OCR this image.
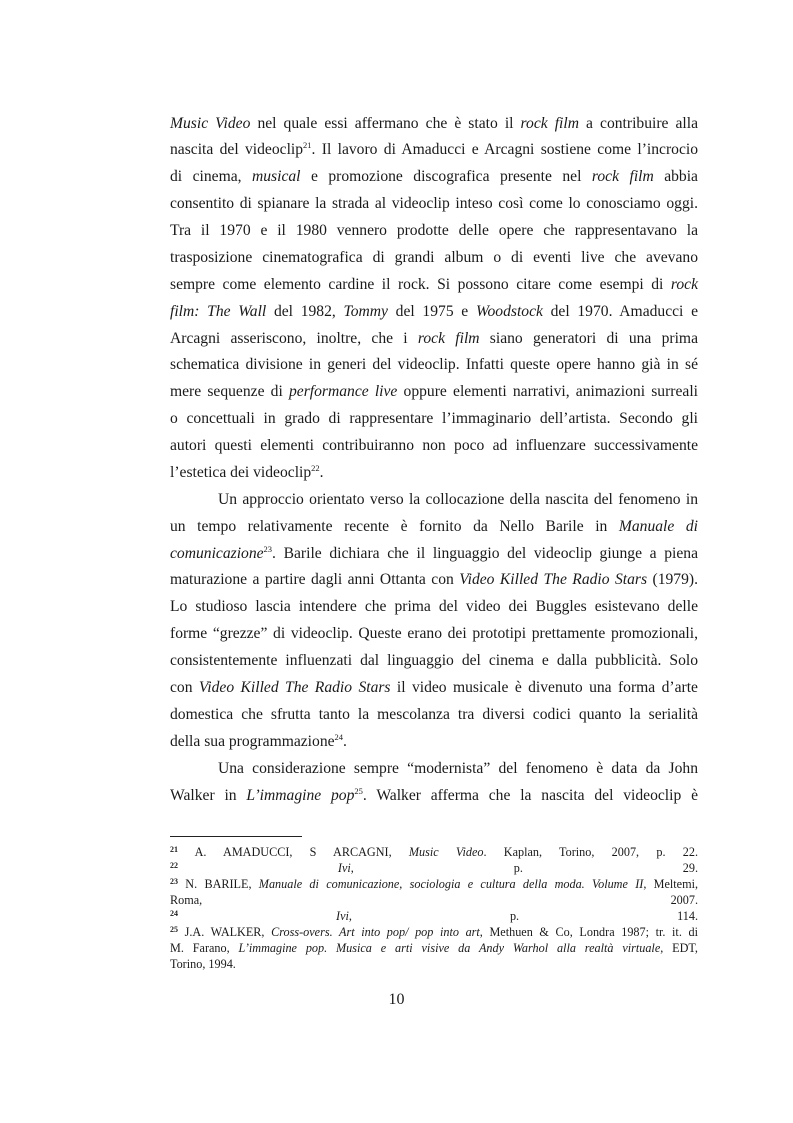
Music Video nel quale essi affermano che è stato il rock film a contribuire alla

nascita del videoclip$^{21}$. Il lavoro di Amaducci e Arcagni sostiene come l’incrocio

di cinema, musical e promozione discografica presente nel rock film abbia

consentito di spianare la strada al videoclip inteso così come lo conosciamo oggi.

Tra il 1970 e il 1980 vennero prodotte delle opere che rappresentavano la

trasposizione cinematografica di grandi album o di eventi live che avevano

sempre come elemento cardine il rock. Si possono citare come esempi di rock

film: The Wall del 1982, Tommy del 1975 e Woodstock del 1970. Amaducci e

Arcagni asseriscono, inoltre, che i rock film siano generatori di una prima

schematica divisione in generi del videoclip. Infatti queste opere hanno già in sé

mere sequenze di performance live oppure elementi narrativi, animazioni surreali

o concettuali in grado di rappresentare l’immaginario dell’artista. Secondo gli

autori questi elementi contribuiranno non poco ad influenzare successivamente

l’estetica dei videoclip$^{22}$.

Un approccio orientato verso la collocazione della nascita del fenomeno in

un tempo relativamente recente è fornito da Nello Barile in Manuale di

comunicazione$^{23}$. Barile dichiara che il linguaggio del videoclip giunge a piena

maturazione a partire dagli anni Ottanta con Video Killed The Radio Stars (1979).

Lo studioso lascia intendere che prima del video dei Buggles esistevano delle

forme “grezze” di videoclip. Queste erano dei prototipi prettamente promozionali,

consistentemente influenzati dal linguaggio del cinema e dalla pubblicità. Solo

con Video Killed The Radio Stars il video musicale è divenuto una forma d’arte

domestica che sfrutta tanto la mescolanza tra diversi codici quanto la serialità

della sua programmazione$^{24}$.

Una considerazione sempre “modernista” del fenomeno è data da John

Walker in L’immagine pop$^{25}$. Walker afferma che la nascita del videoclip è

$^{21}$ A. AMADUCCI, S ARCAGNI, Music Video. Kaplan, Torino, 2007, p. 22.

$^{22}$	Ivi, p. 29.

$^{23}$ N. BARILE, Manuale di comunicazione, sociologia e cultura della moda. Volume II, Meltemi,

Roma, 2007.

$^{24}$	Ivi, p. 114.

$^{25}$ J.A. WALKER, Cross-overs. Art into pop/ pop into art, Methuen & Co, Londra 1987; tr. it. di

M. Farano, L’immagine pop. Musica e arti visive da Andy Warhol alla realtà virtuale, EDT,

Torino, 1994.

10
